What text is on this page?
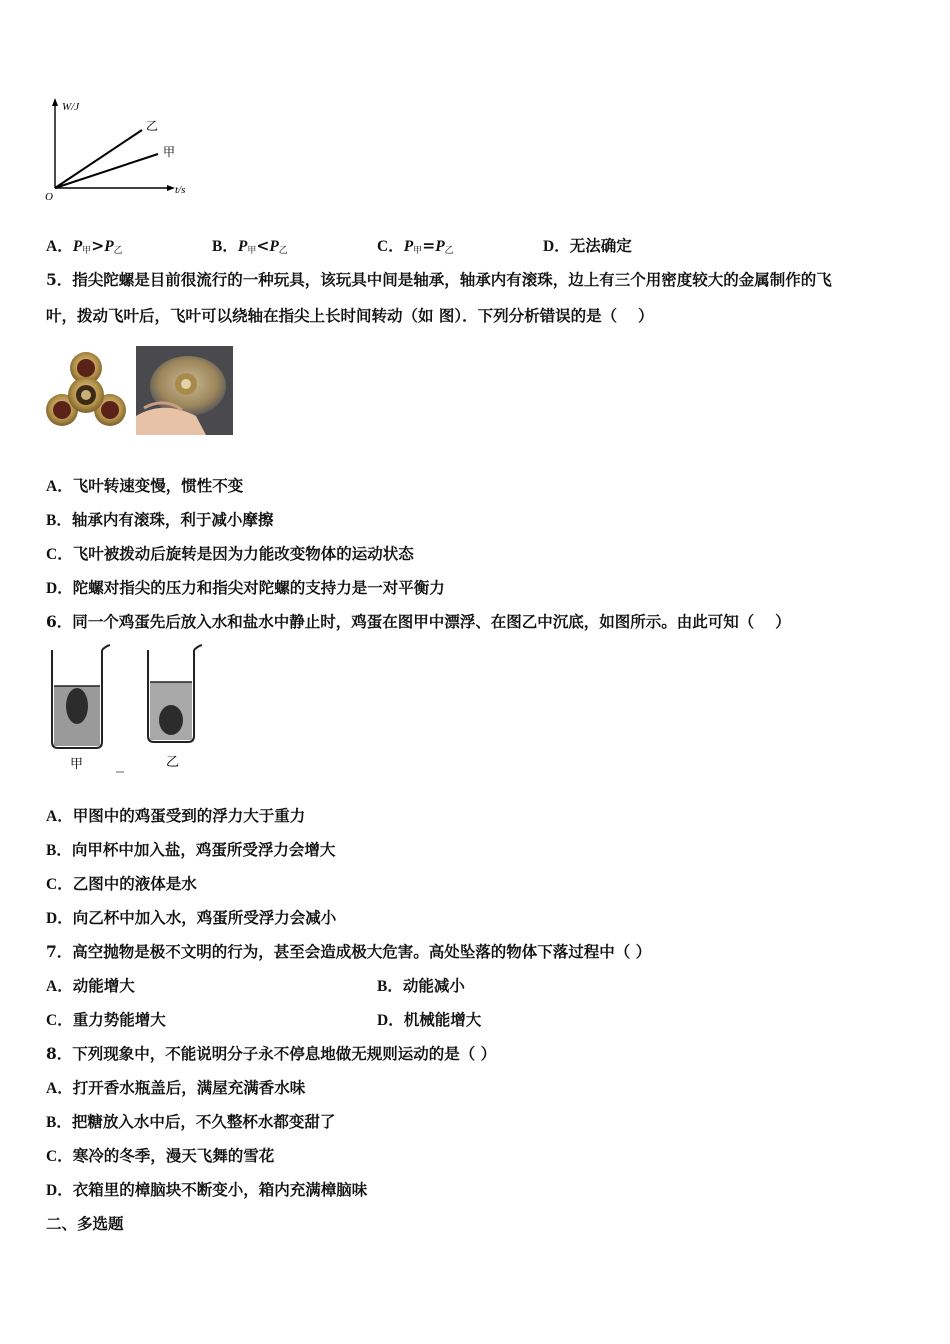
W/J
t/s
O
乙
甲
A．$P_甲>P_乙$	B．$P_甲<P_乙$	C．$P_甲=P_乙$	D．无法确定
5．指尖陀螺是目前很流行的一种玩具，该玩具中间是轴承，轴承内有滚珠，边上有三个用密度较大的金属制作的飞
叶，拨动飞叶后，飞叶可以绕轴在指尖上长时间转动（如 图）．下列分析错误的是（　 ）
A．飞叶转速变慢，惯性不变
B．轴承内有滚珠，利于减小摩擦
C．飞叶被拨动后旋转是因为力能改变物体的运动状态
D．陀螺对指尖的压力和指尖对陀螺的支持力是一对平衡力
6．同一个鸡蛋先后放入水和盐水中静止时，鸡蛋在图甲中漂浮、在图乙中沉底，如图所示。由此可知（　 ）
甲	乙
A．甲图中的鸡蛋受到的浮力大于重力
B．向甲杯中加入盐，鸡蛋所受浮力会增大
C．乙图中的液体是水
D．向乙杯中加入水，鸡蛋所受浮力会减小
7．高空抛物是极不文明的行为，甚至会造成极大危害。高处坠落的物体下落过程中（ ）
A．动能增大	B．动能减小
C．重力势能增大	D．机械能增大
8．下列现象中，不能说明分子永不停息地做无规则运动的是（ ）
A．打开香水瓶盖后，满屋充满香水味
B．把糖放入水中后，不久整杯水都变甜了
C．寒冷的冬季，漫天飞舞的雪花
D．衣箱里的樟脑块不断变小，箱内充满樟脑味
二、多选题
